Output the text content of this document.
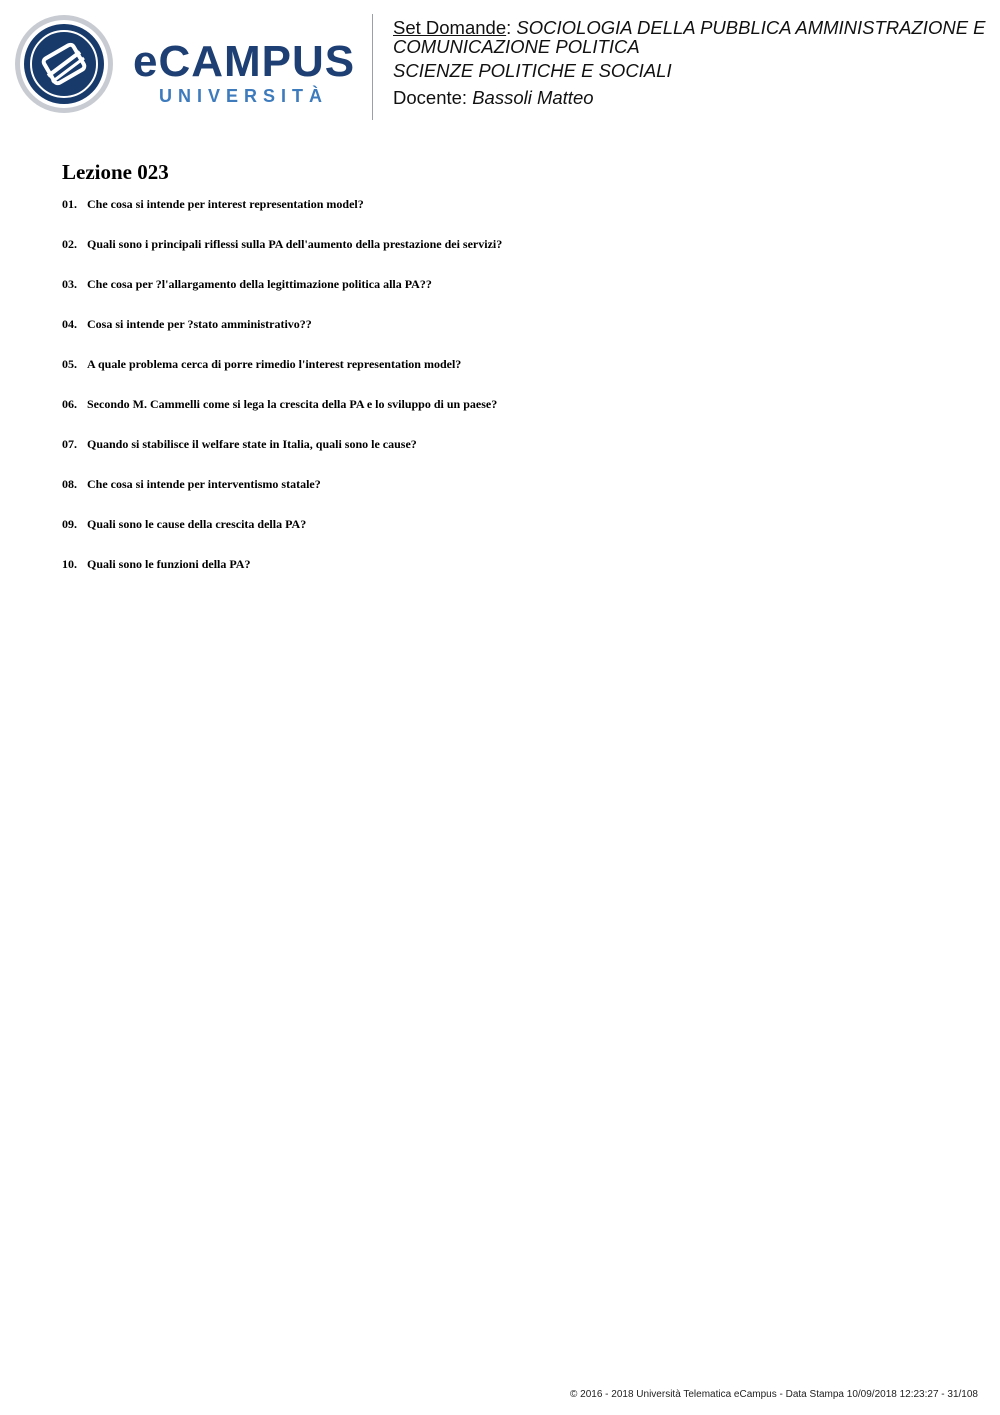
eCAMPUS
UNIVERSITÀ
Set Domande: SOCIOLOGIA DELLA PUBBLICA AMMINISTRAZIONE E
COMUNICAZIONE POLITICA
SCIENZE POLITICHE E SOCIALI
Docente: Bassoli Matteo
Lezione 023
01. Che cosa si intende per interest representation model?
02. Quali sono i principali riflessi sulla PA dell'aumento della prestazione dei servizi?
03. Che cosa per ?l'allargamento della legittimazione politica alla PA??
04. Cosa si intende per ?stato amministrativo??
05. A quale problema cerca di porre rimedio l'interest representation model?
06. Secondo M. Cammelli come si lega la crescita della PA e lo sviluppo di un paese?
07. Quando si stabilisce il welfare state in Italia, quali sono le cause?
08. Che cosa si intende per interventismo statale?
09. Quali sono le cause della crescita della PA?
10. Quali sono le funzioni della PA?
© 2016 - 2018 Università Telematica eCampus - Data Stampa 10/09/2018 12:23:27 - 31/108
